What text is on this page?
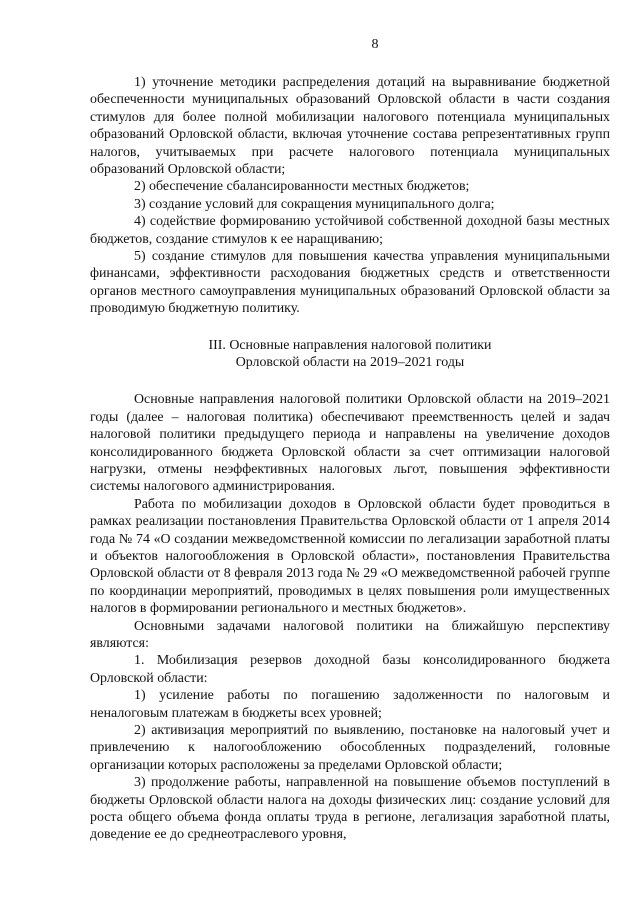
8

1) уточнение методики распределения дотаций на выравнивание бюджетной обеспеченности муниципальных образований Орловской области в части создания стимулов для более полной мобилизации налогового потенциала муниципальных образований Орловской области, включая уточнение состава репрезентативных групп налогов, учитываемых при расчете налогового потенциала муниципальных образований Орловской области;

2) обеспечение сбалансированности местных бюджетов;

3) создание условий для сокращения муниципального долга;

4) содействие формированию устойчивой собственной доходной базы местных бюджетов, создание стимулов к ее наращиванию;

5) создание стимулов для повышения качества управления муниципальными финансами, эффективности расходования бюджетных средств и ответственности органов местного самоуправления муниципальных образований Орловской области за проводимую бюджетную политику.

III. Основные направления налоговой политики
Орловской области на 2019–2021 годы

Основные направления налоговой политики Орловской области на 2019–2021 годы (далее – налоговая политика) обеспечивают преемственность целей и задач налоговой политики предыдущего периода и направлены на увеличение доходов консолидированного бюджета Орловской области за счет оптимизации налоговой нагрузки, отмены неэффективных налоговых льгот, повышения эффективности системы налогового администрирования.

Работа по мобилизации доходов в Орловской области будет проводиться в рамках реализации постановления Правительства Орловской области от 1 апреля 2014 года № 74 «О создании межведомственной комиссии по легализации заработной платы и объектов налогообложения в Орловской области», постановления Правительства Орловской области от 8 февраля 2013 года № 29 «О межведомственной рабочей группе по координации мероприятий, проводимых в целях повышения роли имущественных налогов в формировании регионального и местных бюджетов».

Основными задачами налоговой политики на ближайшую перспективу являются:

1. Мобилизация резервов доходной базы консолидированного бюджета Орловской области:

1) усиление работы по погашению задолженности по налоговым и неналоговым платежам в бюджеты всех уровней;

2) активизация мероприятий по выявлению, постановке на налоговый учет и привлечению к налогообложению обособленных подразделений, головные организации которых расположены за пределами Орловской области;

3) продолжение работы, направленной на повышение объемов поступлений в бюджеты Орловской области налога на доходы физических лиц: создание условий для роста общего объема фонда оплаты труда в регионе, легализация заработной платы, доведение ее до среднеотраслевого уровня,
